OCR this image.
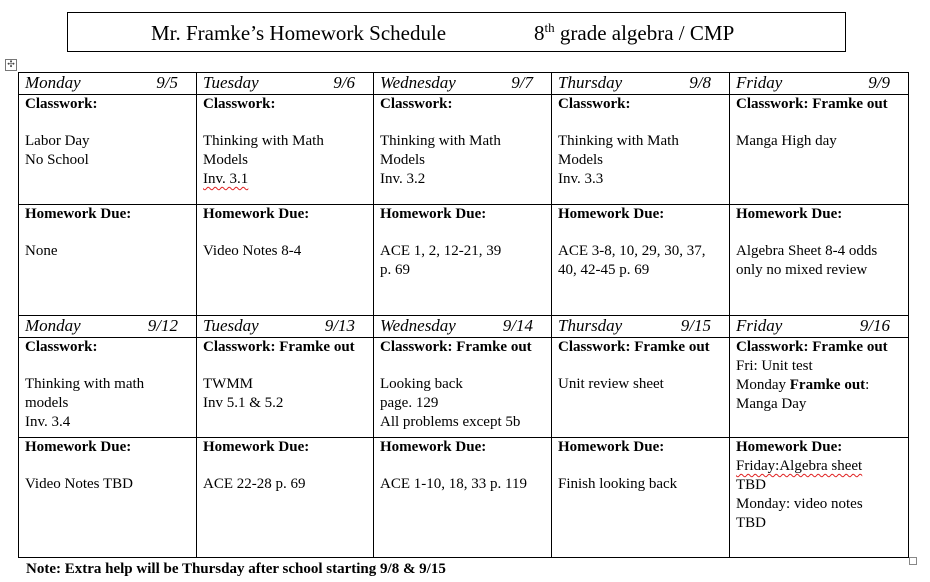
Mr. Framke’s Homework Schedule	8th grade algebra / CMP
✣
Monday 9/5	Tuesday 9/6	Wednesday 9/7	Thursday 9/8	Friday 9/9

Classwork:
Labor Day
No School	Classwork:
Thinking with Math
Models
Inv. 3.1	Classwork:
Thinking with Math
Models
Inv. 3.2	Classwork:
Thinking with Math
Models
Inv. 3.3	Classwork: Framke out
Manga High day

Homework Due:
None	Homework Due:
Video Notes 8-4	Homework Due:
ACE 1, 2, 12-21, 39
p. 69	Homework Due:
ACE 3-8, 10, 29, 30, 37,
40, 42-45 p. 69	Homework Due:
Algebra Sheet 8-4 odds
only no mixed review

Monday 9/12	Tuesday 9/13	Wednesday 9/14	Thursday 9/15	Friday 9/16

Classwork:
Thinking with math
models
Inv. 3.4	Classwork: Framke out
TWMM
Inv 5.1 & 5.2	Classwork: Framke out
Looking back
page. 129
All problems except 5b	Classwork: Framke out
Unit review sheet	Classwork: Framke out
Fri: Unit test
Monday Framke out:
Manga Day

Homework Due:
Video Notes TBD	Homework Due:
ACE 22-28 p. 69	Homework Due:
ACE 1-10, 18, 33 p. 119	Homework Due:
Finish looking back	Homework Due:
Friday:Algebra sheet
TBD
Monday: video notes
TBD
Note: Extra help will be Thursday after school starting 9/8 & 9/15
